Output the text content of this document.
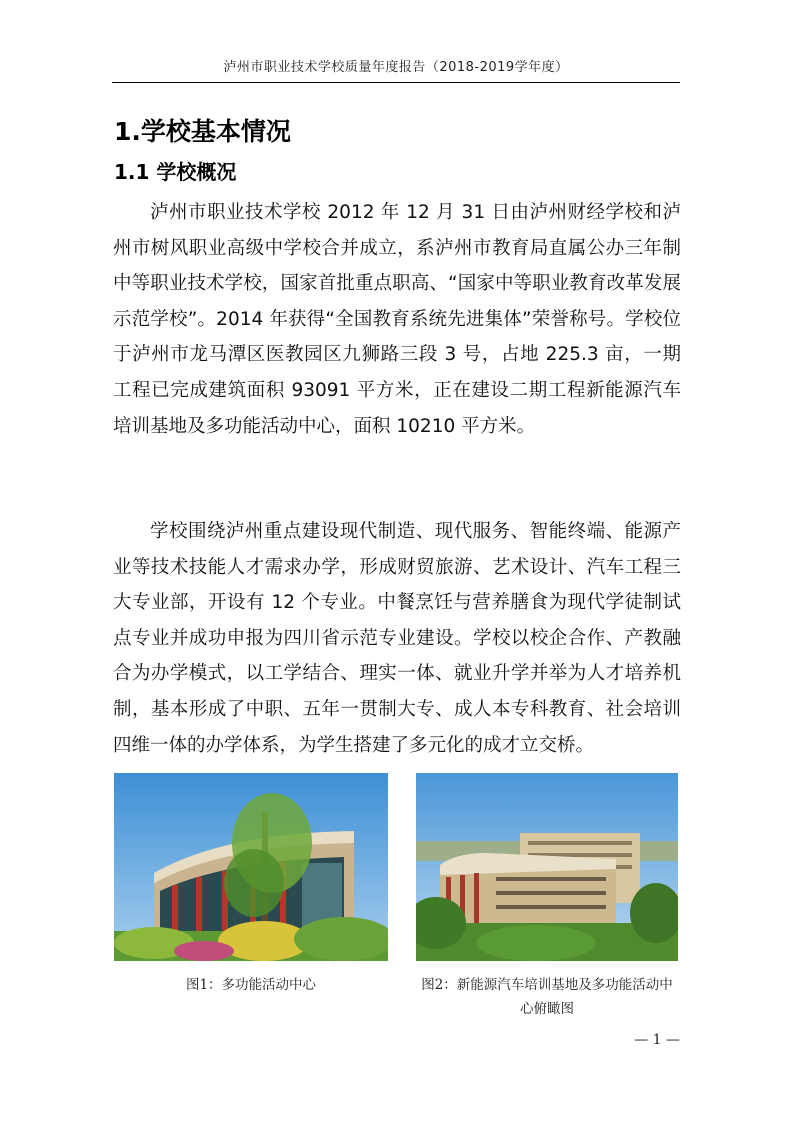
泸州市职业技术学校质量年度报告（2018-2019学年度）
1.学校基本情况
1.1 学校概况

泸州市职业技术学校 2012 年 12 月 31 日由泸州财经学校和泸州市树风职业高级中学校合并成立，系泸州市教育局直属公办三年制中等职业技术学校，国家首批重点职高、“国家中等职业教育改革发展示范学校”。2014 年获得“全国教育系统先进集体”荣誉称号。学校位于泸州市龙马潭区医教园区九狮路三段 3 号，占地 225.3 亩，一期工程已完成建筑面积 93091 平方米，正在建设二期工程新能源汽车培训基地及多功能活动中心，面积 10210 平方米。

学校围绕泸州重点建设现代制造、现代服务、智能终端、能源产业等技术技能人才需求办学，形成财贸旅游、艺术设计、汽车工程三大专业部，开设有 12 个专业。中餐烹饪与营养膳食为现代学徒制试点专业并成功申报为四川省示范专业建设。学校以校企合作、产教融合为办学模式，以工学结合、理实一体、就业升学并举为人才培养机制，基本形成了中职、五年一贯制大专、成人本专科教育、社会培训四维一体的办学体系，为学生搭建了多元化的成才立交桥。

图1：多功能活动中心	图2：新能源汽车培训基地及多功能活动中心俯瞰图
— 1 —
